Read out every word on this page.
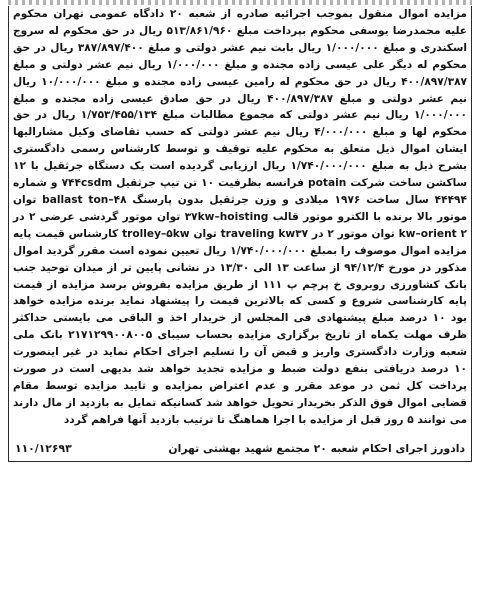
مزایده اموال منقول بموجب اجرائیه صادره از شعبه ۲۰ دادگاه عمومی تهران محکوم علیه محمدرضا یوسفی محکوم بپرداخت مبلغ ۵۱۳/۸۶۱/۹۶۰ ریال در حق محکوم له سروج اسکندری و مبلغ ۱/۰۰۰/۰۰۰ ریال بابت نیم عشر دولتی و مبلغ ۳۸۷/۸۹۷/۴۰۰ ریال در حق محکوم له دیگر علی عیسی زاده مجنده و مبلغ ۱/۰۰۰/۰۰۰ ریال نیم عشر دولتی و مبلغ ۴۰۰/۸۹۷/۳۸۷ ریال در حق محکوم له رامین عیسی زاده مجنده و مبلغ ۱۰/۰۰۰/۰۰۰ ریال نیم عشر دولتی و مبلغ ۴۰۰/۸۹۷/۳۸۷ ریال در حق صادق عیسی زاده مجنده و مبلغ ۱/۰۰۰/۰۰۰ ریال نیم عشر دولتی که مجموع مطالبات مبلغ ۱/۷۵۳/۴۵۵/۱۳۴ ریال در حق محکوم لها و مبلغ ۴/۰۰۰/۰۰۰ ریال نیم عشر دولتی که حسب تقاضای وکیل مشارالیها ایشان اموال ذیل متعلق به محکوم علیه توقیف و توسط کارشناس رسمی دادگستری بشرح ذیل به مبلغ ۱/۷۴۰/۰۰۰/۰۰۰ ریال ارزیابی گردیده است یک دستگاه جرثقیل با ۱۲ ساکشن ساخت شرکت potain فرانسه بظرفیت ۱۰ تن تیپ جرثقیل ۷۴۴csdm و شماره ۴۴۴۹۴ سال ساخت ۱۹۷۶ میلادی و وزن جرثقیل بدون پارسنگ ۴۸–ballast ton توان موتور بالا برنده با الکترو موتور قالب ۳۷kw–hoisting توان موتور گردشی عرضی ۲ در kw–orient ۲ توان موتور ۲ در traveling kw۳۷ توان trolley–۵kw کارشناس قیمت پایه مزایده اموال موصوف را بمبلغ ۱/۷۴۰/۰۰۰/۰۰۰ ریال تعیین نموده است مقرر گردید اموال مذکور در مورخ ۹۴/۱۲/۴ از ساعت ۱۳ الی ۱۳/۳۰ در نشانی پایین تر از میدان توحید جنب بانک کشاورزی روبروی خ پرچم پ ۱۱۱ از طریق مزایده بفروش برسد مزایده از قیمت پایه کارشناسی شروع و کسی که بالاترین قیمت را پیشنهاد نماید برنده مزایده خواهد بود ۱۰ درصد مبلغ پیشنهادی فی المجلس از خریدار اخذ و الباقی می بایستی حداکثر ظرف مهلت یکماه از تاریخ برگزاری مزایده بحساب سیبای ۲۱۷۱۲۹۹۰۰۸۰۰۵ بانک ملی شعبه وزارت دادگستری واریز و قبض آن را تسلیم اجرای احکام نماید در غیر اینصورت ۱۰ درصد دریافتی بنفع دولت ضبط و مزایده تجدید خواهد شد بدیهی است در صورت پرداخت کل ثمن در موعد مقرر و عدم اعتراض بمزایده و تایید مزایده توسط مقام قضایی اموال فوق الذکر بخریدار تحویل خواهد شد کسانیکه تمایل به بازدید از مال دارند می توانند ۵ روز قبل از مزایده با اجرا هماهنگ تا ترتیب بازدید آنها فراهم گردد

دادورز اجرای احکام شعبه ۲۰ مجتمع شهید بهشتی تهران
۱۱۰/۱۲۶۹۳
